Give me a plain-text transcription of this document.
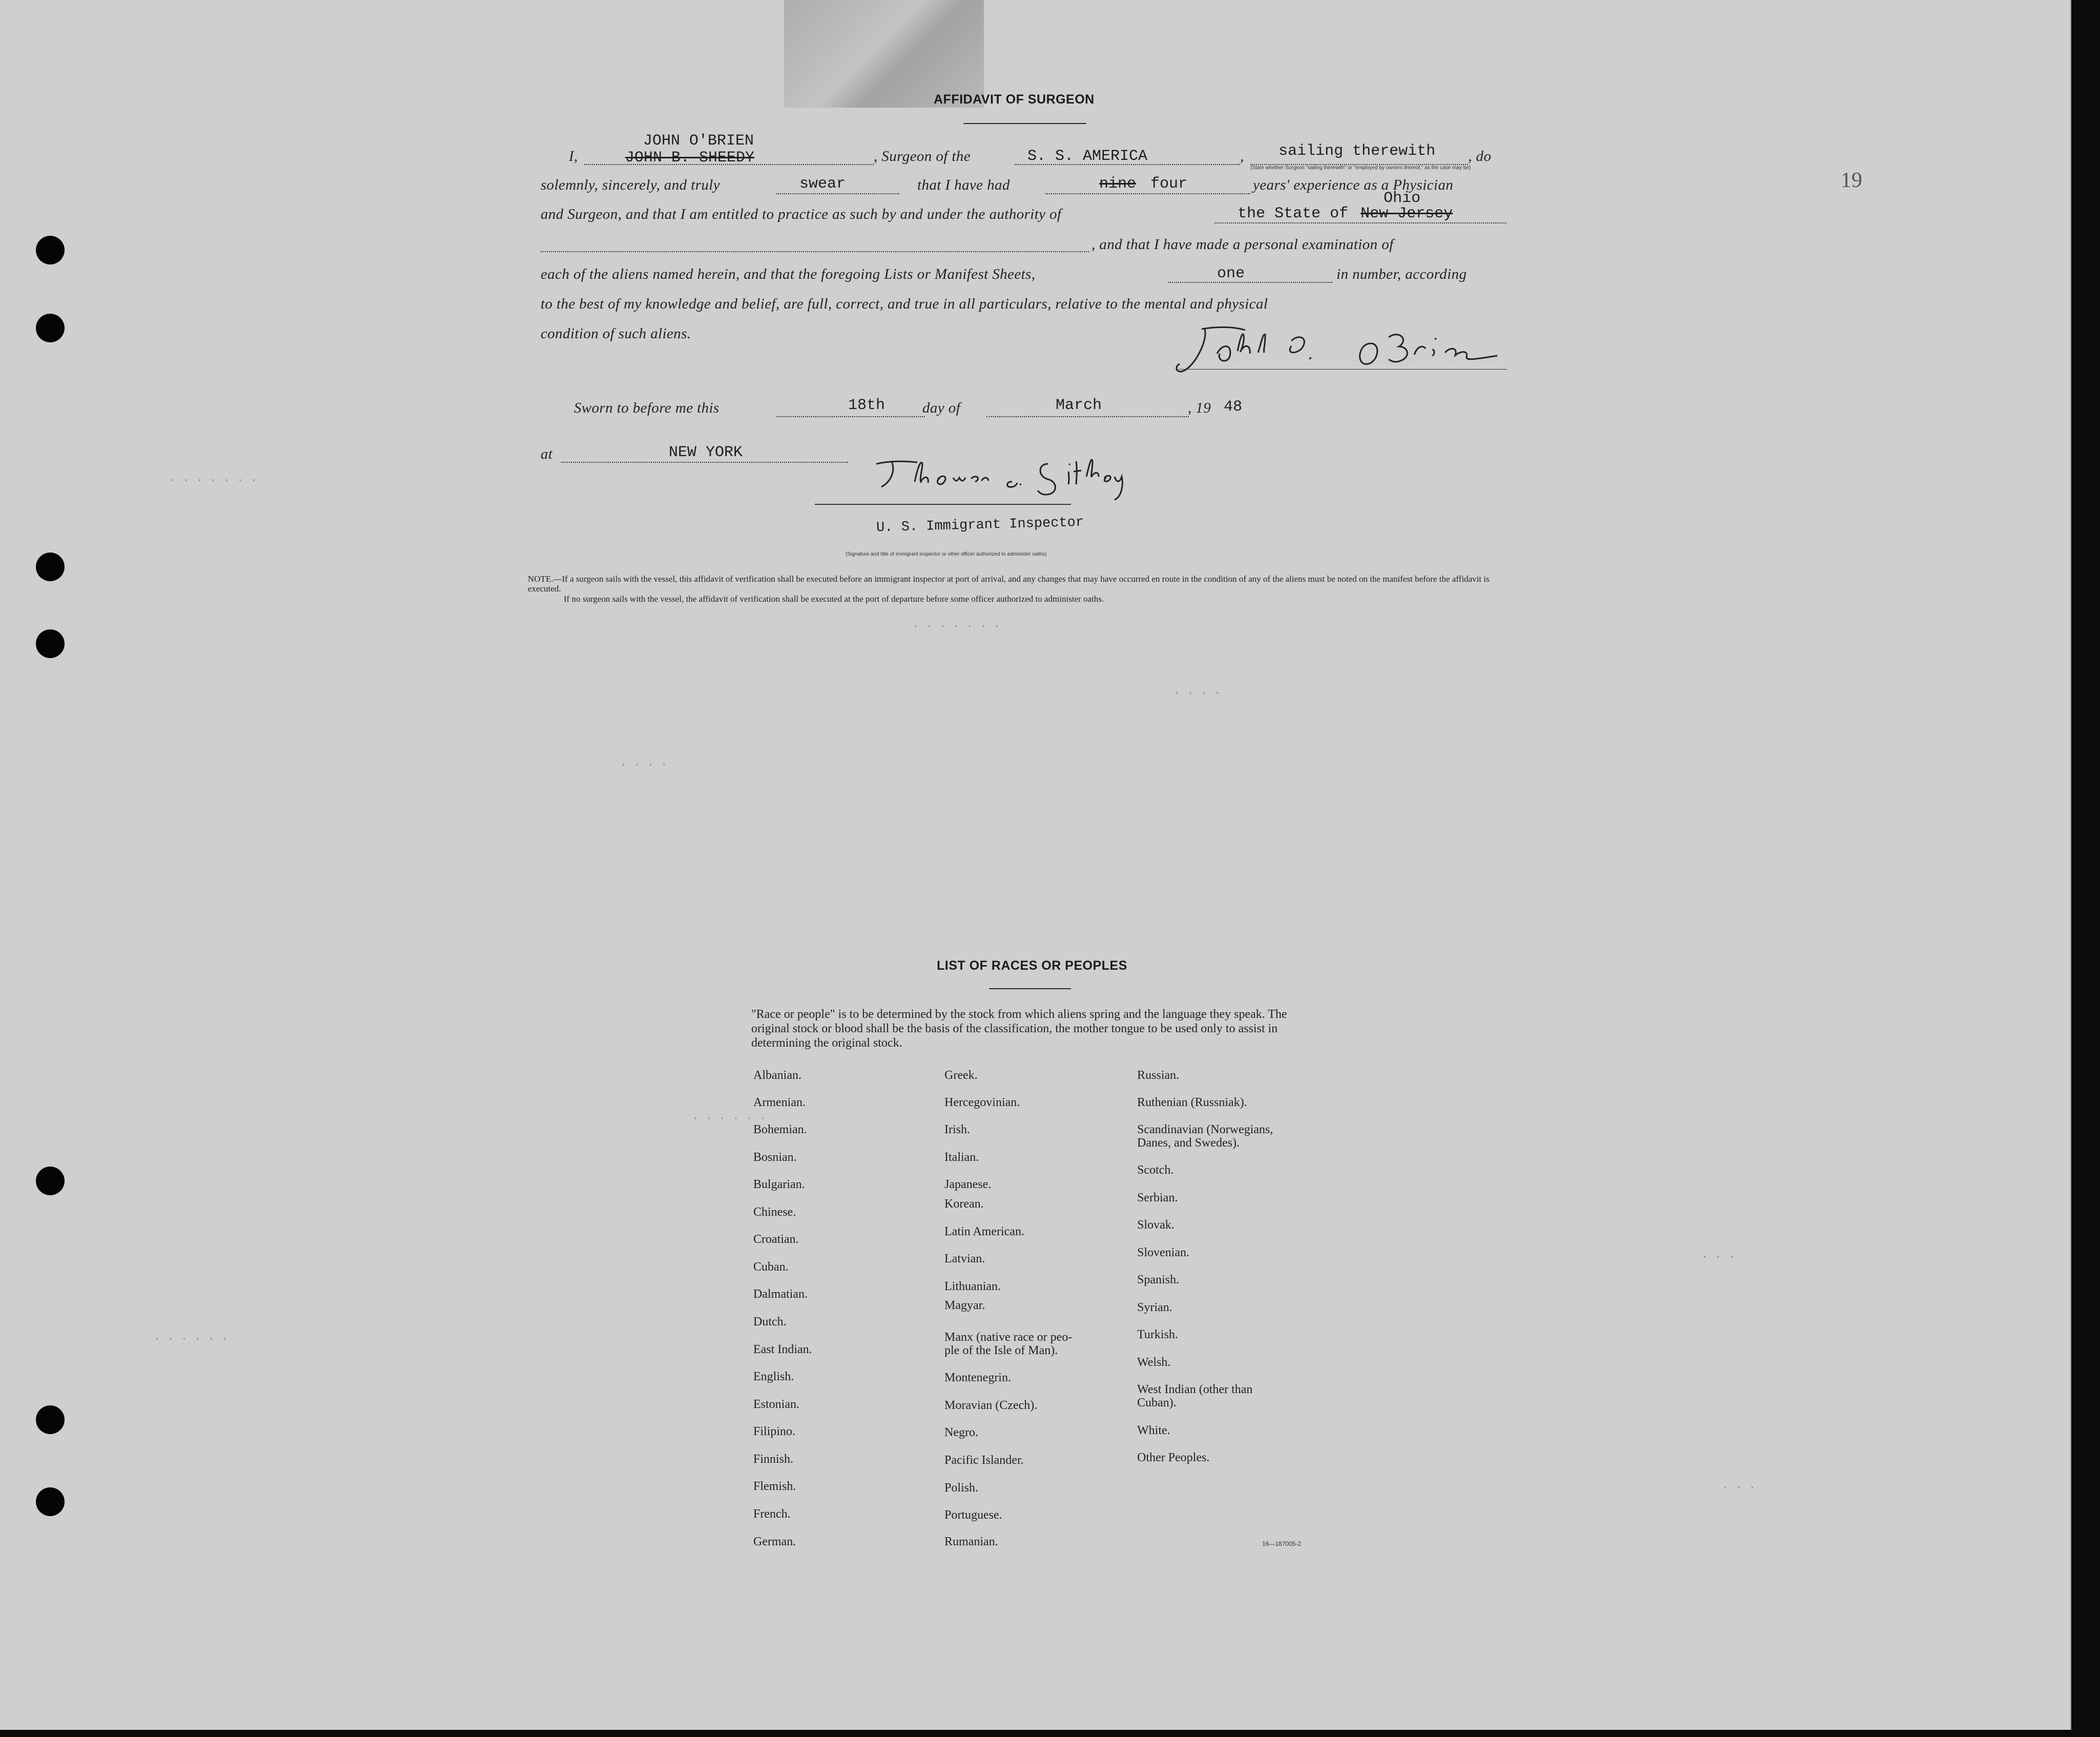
19
· · · · · · ·
· · · · · · ·
· · · ·
· · · ·
· · · · · ·
· · ·
· · · · · ·
· · ·
AFFIDAVIT OF SURGEON
I,
JOHN O'BRIEN
JOHN B. SHEEDY	, Surgeon of the	S. S. AMERICA	, sailing therewith
(State whether Surgeon "sailing therewith" or "employed by owners thereof," as the case may be)
, do
solemnly, sincerely, and truly	swear	that I have had	nine four	years' experience as a Physician
and Surgeon, and that I am entitled to practice as such by and under the authority of	the State of New Jersey
Ohio
, and that I have made a personal examination of
each of the aliens named herein, and that the foregoing Lists or Manifest Sheets,	one	in number, according
to the best of my knowledge and belief, are full, correct, and true in all particulars, relative to the mental and physical
condition of such aliens.
Sworn to before me this	18th	day of	March	, 19 48
at	NEW YORK
U. S. Immigrant Inspector
(Signature and title of immigrant inspector or other officer authorized to administer oaths)
NOTE.—If a surgeon sails with the vessel, this affidavit of verification shall be executed before an immigrant inspector at port of arrival, and any changes that may have occurred en route in the condition of any of the aliens must be noted on the manifest before the affidavit is executed.
If no surgeon sails with the vessel, the affidavit of verification shall be executed at the port of departure before some officer authorized to administer oaths.
LIST OF RACES OR PEOPLES
"Race or people" is to be determined by the stock from which aliens spring and the language they speak. The original stock or blood shall be the basis of the classification, the mother tongue to be used only to assist in determining the original stock.
Albanian.
Armenian.
Bohemian.
Bosnian.
Bulgarian.
Chinese.
Croatian.
Cuban.
Dalmatian.
Dutch.
East Indian.
English.
Estonian.
Filipino.
Finnish.
Flemish.
French.
German.
Greek.
Hercegovinian.
Irish.
Italian.
Japanese.
Korean.
Latin American.
Latvian.
Lithuanian.
Magyar.
Manx (native race or peo-
ple of the Isle of Man).
Montenegrin.
Moravian (Czech).
Negro.
Pacific Islander.
Polish.
Portuguese.
Rumanian.
Russian.
Ruthenian (Russniak).
Scandinavian (Norwegians,
Danes, and Swedes).
Scotch.
Serbian.
Slovak.
Slovenian.
Spanish.
Syrian.
Turkish.
Welsh.
West Indian (other than
Cuban).
White.
Other Peoples.
16—187005-2
